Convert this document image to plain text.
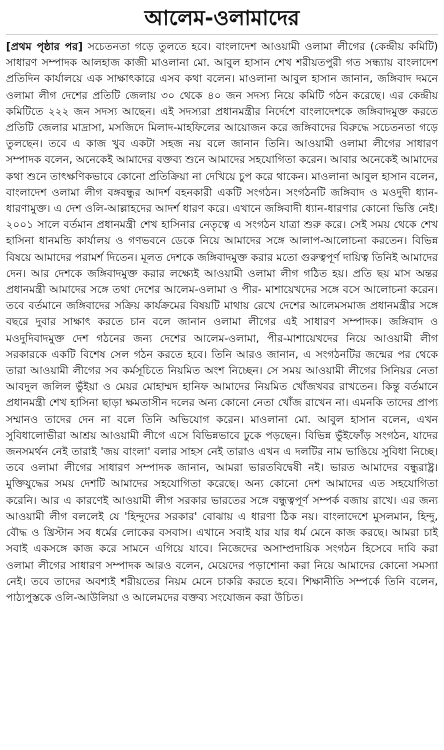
আলেম-ওলামাদের

[প্রথম পৃষ্ঠার পর] সচেতনতা গড়ে তুলতে হবে। বাংলাদেশ আওয়ামী ওলামা লীগের (কেন্দ্রীয় কমিটি) সাধারণ সম্পাদক আলহাজ কাজী মাওলানা মো. আবুল হাসান শেখ শরীয়তপুরী গত সন্ধ্যায় বাংলাদেশ প্রতিদিন কার্যালয়ে এক সাক্ষাৎকারে এসব কথা বলেন। মাওলানা আবুল হাসান জানান, জঙ্গিবাদ দমনে ওলামা লীগ দেশের প্রতিটি জেলায় ৩০ থেকে ৪০ জন সদস্য নিয়ে কমিটি গঠন করেছে। এর কেন্দ্রীয় কমিটিতে ২২২ জন সদস্য আছেন। এই সদস্যরা প্রধানমন্ত্রীর নির্দেশে বাংলাদেশকে জঙ্গিবাদমুক্ত করতে প্রতিটি জেলার মাদ্রাসা, মসজিদে মিলাদ-মাহফিলের আয়োজন করে জঙ্গিবাদের বিরুদ্ধে সচেতনতা গড়ে তুলছেন। তবে এ কাজ খুব একটা সহজ নয় বলে জানান তিনি। আওয়ামী ওলামা লীগের সাধারণ সম্পাদক বলেন, অনেকেই আমাদের বক্তব্য শুনে আমাদের সহযোগিতা করেন। আবার অনেকেই আমাদের কথা শুনে তাৎক্ষণিকভাবে কোনো প্রতিক্রিয়া না দেখিয়ে চুপ করে থাকেন। মাওলানা আবুল হাসান বলেন, বাংলাদেশ ওলামা লীগ বঙ্গবন্ধুর আদর্শ বহনকারী একটি সংগঠন। সংগঠনটি জঙ্গিবাদ ও মওদুদী ধ্যান-ধারণামুক্ত। এ দেশ ওলি-আল্লাহদের আদর্শ ধারণ করে। এখানে জঙ্গিবাদী ধ্যান-ধারণার কোনো ভিত্তি নেই। ২০০১ সালে বর্তমান প্রধানমন্ত্রী শেখ হাসিনার নেতৃত্বে এ সংগঠন যাত্রা শুরু করে। সেই সময় থেকে শেখ হাসিনা ধানমন্ডি কার্যালয় ও গণভবনে ডেকে নিয়ে আমাদের সঙ্গে আলাপ-আলোচনা করতেন। বিভিন্ন বিষয়ে আমাদের পরামর্শ দিতেন। মূলত দেশকে জঙ্গিবাদমুক্ত করার মতো গুরুত্বপূর্ণ দায়িত্ব তিনিই আমাদের দেন। আর দেশকে জঙ্গিবাদমুক্ত করার লক্ষ্যেই আওয়ামী ওলামা লীগ গঠিত হয়। প্রতি ছয় মাস অন্তর প্রধানমন্ত্রী আমাদের সঙ্গে তথা দেশের আলেম-ওলামা ও পীর- মাশায়েখদের সঙ্গে বসে আলোচনা করেন। তবে বর্তমানে জঙ্গিবাদের সক্রিয় কার্যক্রমের বিষয়টি মাথায় রেখে দেশের আলেমসমাজ প্রধানমন্ত্রীর সঙ্গে বছরে দুবার সাক্ষাৎ করতে চান বলে জানান ওলামা লীগের এই সাধারণ সম্পাদক। জঙ্গিবাদ ও মওদুদিবাদমুক্ত দেশ গঠনের জন্য দেশের আলেম-ওলামা, পীর-মাশায়েখদের নিয়ে আওয়ামী লীগ সরকারকে একটি বিশেষ সেল গঠন করতে হবে। তিনি আরও জানান, এ সংগঠনটির জন্মের পর থেকে তারা আওয়ামী লীগের সব কর্মসূচিতে নিয়মিত অংশ নিচ্ছেন। সে সময় আওয়ামী লীগের সিনিয়র নেতা আবদুল জলিল ভুঁইয়া ও মেয়র মোহাম্মদ হানিফ আমাদের নিয়মিত খোঁজখবর রাখতেন। কিন্তু বর্তমানে প্রধানমন্ত্রী শেখ হাসিনা ছাড়া ক্ষমতাসীন দলের অন্য কোনো নেতা খোঁজ রাখেন না। এমনকি তাদের প্রাপ্য সম্মানও তাদের দেন না বলে তিনি অভিযোগ করেন। মাওলানা মো. আবুল হাসান বলেন, এখন সুবিধালোভীরা আশ্রয় আওয়ামী লীগে এসে বিভিন্নভাবে ঢুকে পড়ছেন। বিভিন্ন ভুঁইফোঁড় সংগঠন, যাদের জনসমর্থন নেই তারাই 'জয় বাংলা' বলার সাহস নেই তারাও এখন এ দলটির নাম ভাঙিয়ে সুবিধা নিচ্ছে। তবে ওলামা লীগের সাধারণ সম্পাদক জানান, আমরা ভারতবিদ্বেষী নই। ভারত আমাদের বন্ধুরাষ্ট্র। মুক্তিযুদ্ধের সময় দেশটি আমাদের সহযোগিতা করেছে। অন্য কোনো দেশ আমাদের এত সহযোগিতা করেনি। আর এ কারণেই আওয়ামী লীগ সরকার ভারতের সঙ্গে বন্ধুত্বপূর্ণ সম্পর্ক বজায় রাখে। এর জন্য আওয়ামী লীগ বললেই যে 'হিন্দুদের সরকার' বোঝায় এ ধারণা ঠিক নয়। বাংলাদেশে মুসলমান, হিন্দু, বৌদ্ধ ও খ্রিস্টান সব ধর্মের লোকের বসবাস। এখানে সবাই যার যার ধর্ম মেনে কাজ করছে। আমরা চাই সবাই একসঙ্গে কাজ করে সামনে এগিয়ে যাবে। নিজেদের অসাম্প্রদায়িক সংগঠন হিসেবে দাবি করা ওলামা লীগের সাধারণ সম্পাদক আরও বলেন, মেয়েদের পড়াশোনা করা নিয়ে আমাদের কোনো সমস্যা নেই। তবে তাদের অবশ্যই শরীয়তের নিয়ম মেনে চাকরি করতে হবে। শিক্ষানীতি সম্পর্কে তিনি বলেন, পাঠ্যপুস্তকে ওলি-আউলিয়া ও আলেমদের বক্তব্য সংযোজন করা উচিত।
